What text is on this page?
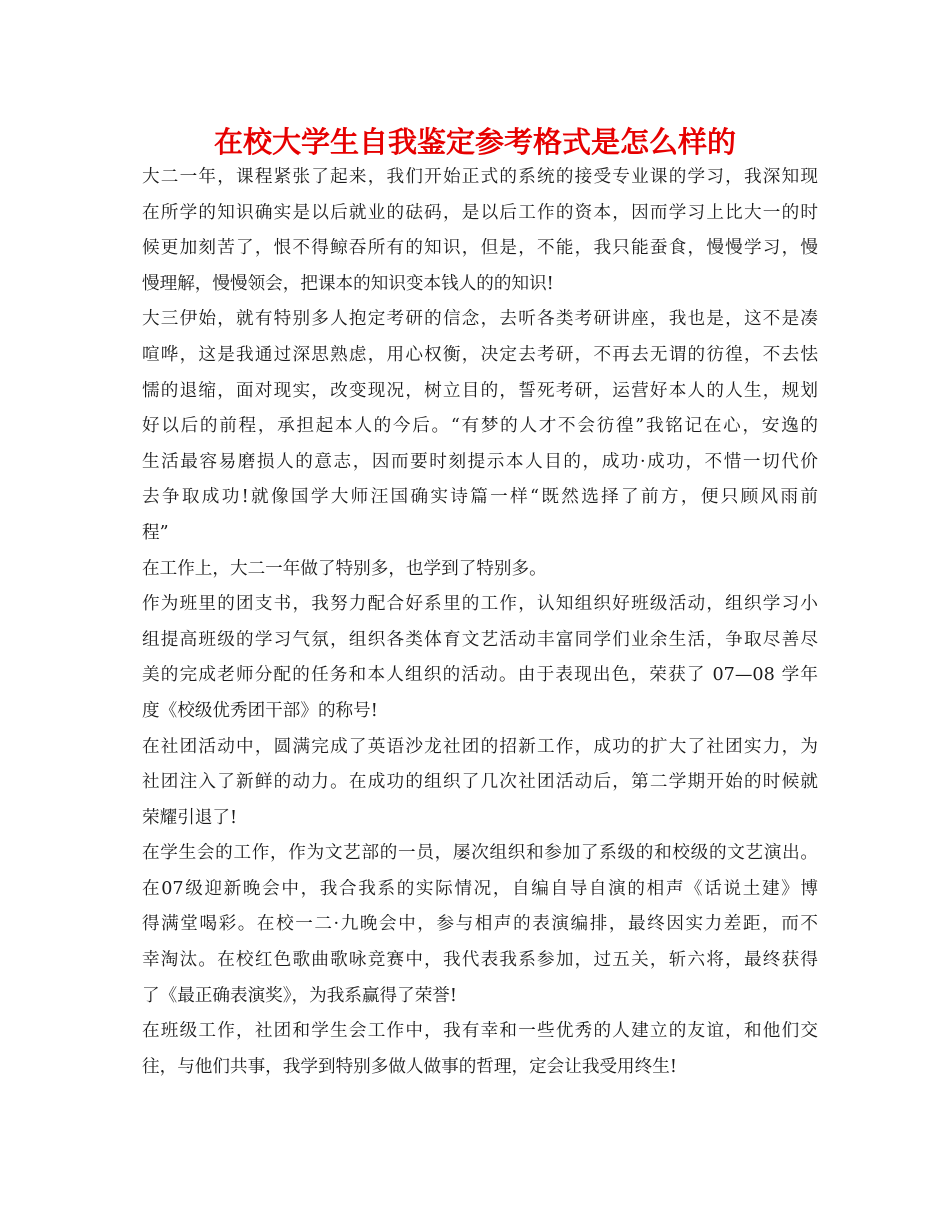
在校大学生自我鉴定参考格式是怎么样的
大二一年，课程紧张了起来，我们开始正式的系统的接受专业课的学习，我深知现
在所学的知识确实是以后就业的砝码，是以后工作的资本，因而学习上比大一的时
候更加刻苦了，恨不得鲸吞所有的知识，但是，不能，我只能蚕食，慢慢学习，慢
慢理解，慢慢领会，把课本的知识变本钱人的的知识!
大三伊始，就有特别多人抱定考研的信念，去听各类考研讲座，我也是，这不是凑
喧哗，这是我通过深思熟虑，用心权衡，决定去考研，不再去无谓的彷徨，不去怯
懦的退缩，面对现实，改变现况，树立目的，誓死考研，运营好本人的人生，规划
好以后的前程，承担起本人的今后。“有梦的人才不会彷徨”我铭记在心，安逸的
生活最容易磨损人的意志，因而要时刻提示本人目的，成功·成功，不惜一切代价
去争取成功!就像国学大师汪国确实诗篇一样“既然选择了前方，便只顾风雨前
程”
在工作上，大二一年做了特别多，也学到了特别多。
作为班里的团支书，我努力配合好系里的工作，认知组织好班级活动，组织学习小
组提高班级的学习气氛，组织各类体育文艺活动丰富同学们业余生活，争取尽善尽
美的完成老师分配的任务和本人组织的活动。由于表现出色，荣获了 07—08 学年
度《校级优秀团干部》的称号!
在社团活动中，圆满完成了英语沙龙社团的招新工作，成功的扩大了社团实力，为
社团注入了新鲜的动力。在成功的组织了几次社团活动后，第二学期开始的时候就
荣耀引退了!
在学生会的工作，作为文艺部的一员，屡次组织和参加了系级的和校级的文艺演出。
在07级迎新晚会中，我合我系的实际情况，自编自导自演的相声《话说土建》博
得满堂喝彩。在校一二·九晚会中，参与相声的表演编排，最终因实力差距，而不
幸淘汰。在校红色歌曲歌咏竞赛中，我代表我系参加，过五关，斩六将，最终获得
了《最正确表演奖》，为我系赢得了荣誉!
在班级工作，社团和学生会工作中，我有幸和一些优秀的人建立的友谊，和他们交
往，与他们共事，我学到特别多做人做事的哲理，定会让我受用终生!
